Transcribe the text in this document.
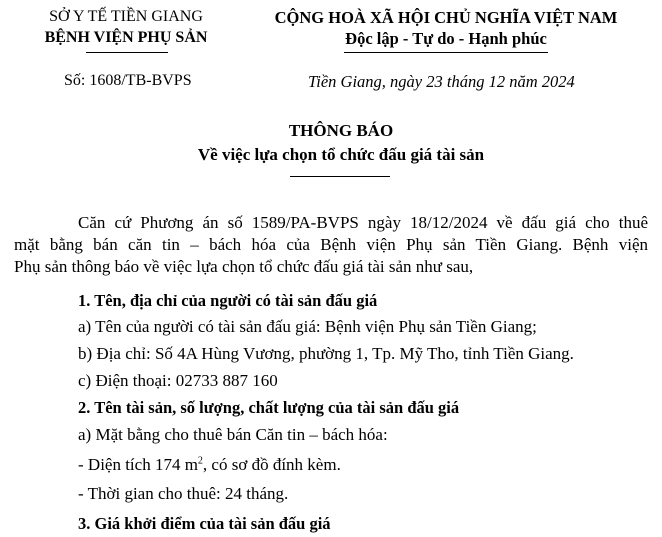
SỞ Y TẾ TIỀN GIANG
BỆNH VIỆN PHỤ SẢN
CỘNG HOÀ XÃ HỘI CHỦ NGHĨA VIỆT NAM
Độc lập - Tự do - Hạnh phúc
Số: 1608/TB-BVPS	Tiền Giang, ngày 23 tháng 12 năm 2024
THÔNG BÁO
Về việc lựa chọn tổ chức đấu giá tài sản
Căn cứ Phương án số 1589/PA-BVPS ngày 18/12/2024 về đấu giá cho thuê
mặt bằng bán căn tin – bách hóa của Bệnh viện Phụ sản Tiền Giang. Bệnh viện
Phụ sản thông báo về việc lựa chọn tổ chức đấu giá tài sản như sau,
1. Tên, địa chỉ của người có tài sản đấu giá
a) Tên của người có tài sản đấu giá: Bệnh viện Phụ sản Tiền Giang;
b) Địa chỉ: Số 4A Hùng Vương, phường 1, Tp. Mỹ Tho, tỉnh Tiền Giang.
c) Điện thoại: 02733 887 160
2. Tên tài sản, số lượng, chất lượng của tài sản đấu giá
a) Mặt bằng cho thuê bán Căn tin – bách hóa:
- Diện tích 174 $m^2$, có sơ đồ đính kèm.
- Thời gian cho thuê: 24 tháng.
3. Giá khởi điểm của tài sản đấu giá
